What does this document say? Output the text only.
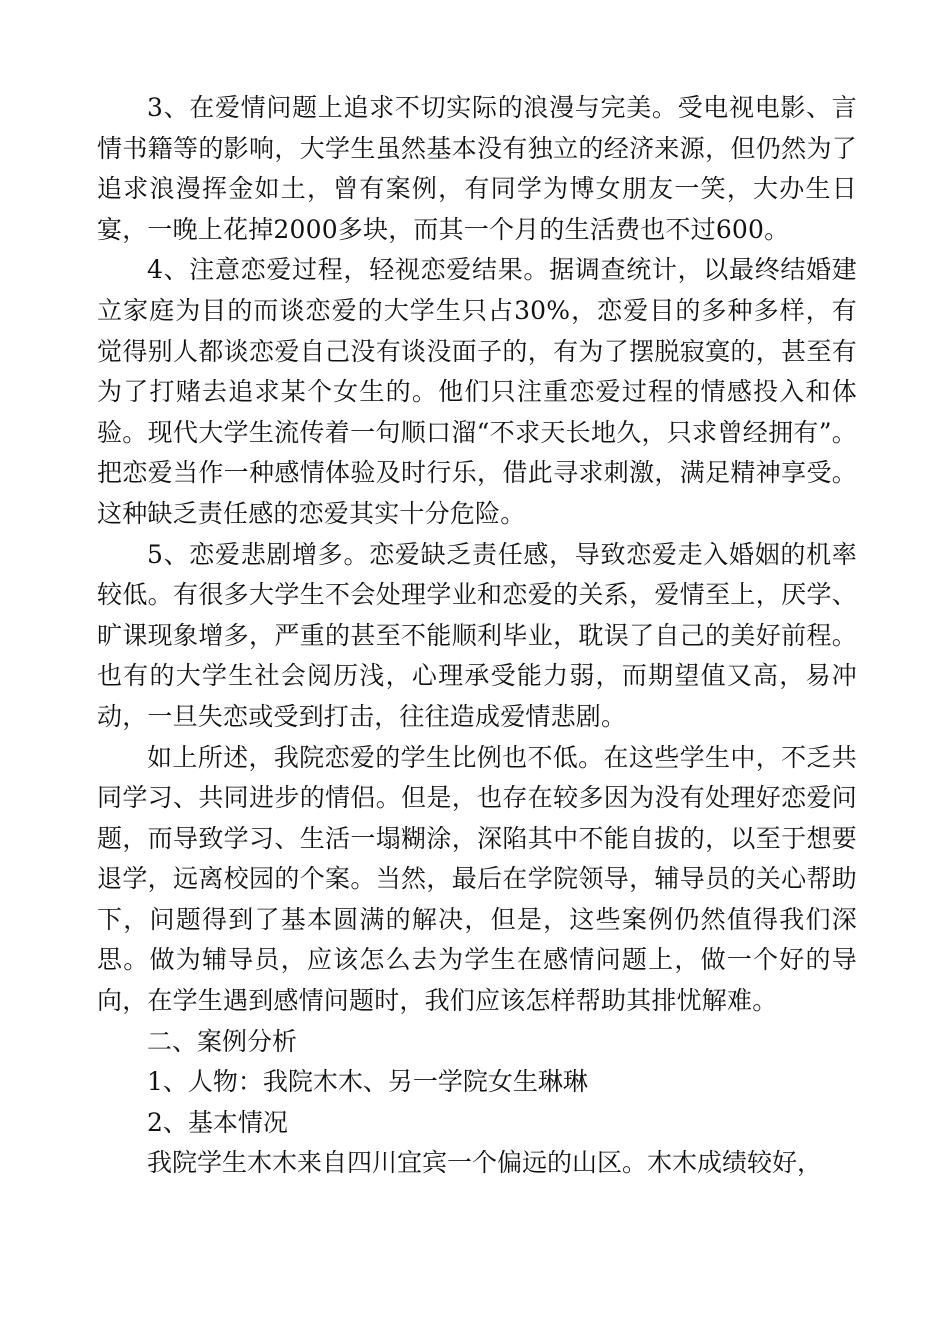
3、在爱情问题上追求不切实际的浪漫与完美。受电视电影、言情书籍等的影响，大学生虽然基本没有独立的经济来源，但仍然为了追求浪漫挥金如土，曾有案例，有同学为博女朋友一笑，大办生日宴，一晚上花掉2000多块，而其一个月的生活费也不过600。

4、注意恋爱过程，轻视恋爱结果。据调查统计，以最终结婚建立家庭为目的而谈恋爱的大学生只占30%，恋爱目的多种多样，有觉得别人都谈恋爱自己没有谈没面子的，有为了摆脱寂寞的，甚至有为了打赌去追求某个女生的。他们只注重恋爱过程的情感投入和体验。现代大学生流传着一句顺口溜“不求天长地久，只求曾经拥有”。把恋爱当作一种感情体验及时行乐，借此寻求刺激，满足精神享受。这种缺乏责任感的恋爱其实十分危险。

5、恋爱悲剧增多。恋爱缺乏责任感，导致恋爱走入婚姻的机率较低。有很多大学生不会处理学业和恋爱的关系，爱情至上，厌学、旷课现象增多，严重的甚至不能顺利毕业，耽误了自己的美好前程。也有的大学生社会阅历浅，心理承受能力弱，而期望值又高，易冲动，一旦失恋或受到打击，往往造成爱情悲剧。

如上所述，我院恋爱的学生比例也不低。在这些学生中，不乏共同学习、共同进步的情侣。但是，也存在较多因为没有处理好恋爱问题，而导致学习、生活一塌糊涂，深陷其中不能自拔的，以至于想要退学，远离校园的个案。当然，最后在学院领导，辅导员的关心帮助下，问题得到了基本圆满的解决，但是，这些案例仍然值得我们深思。做为辅导员，应该怎么去为学生在感情问题上，做一个好的导向，在学生遇到感情问题时，我们应该怎样帮助其排忧解难。

二、案例分析

1、人物：我院木木、另一学院女生琳琳

2、基本情况

我院学生木木来自四川宜宾一个偏远的山区。木木成绩较好，
